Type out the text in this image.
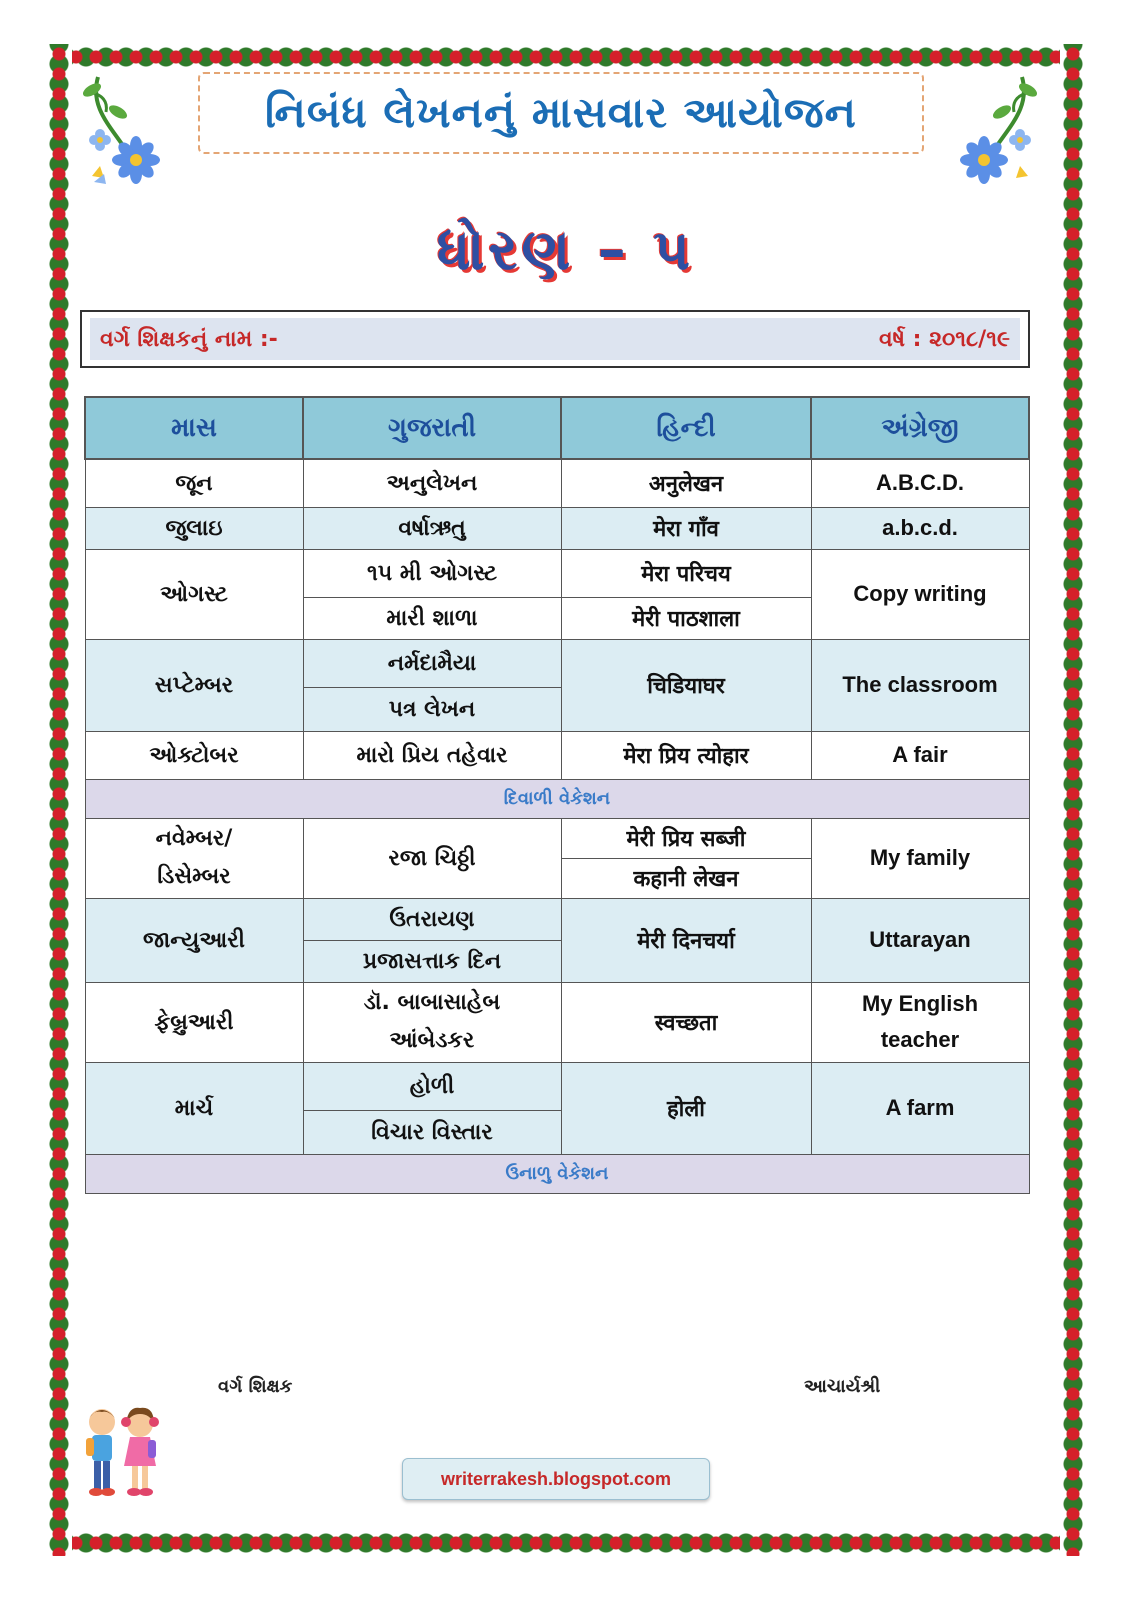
નિબંધ લેખનનું માસવાર આયોજન
ધોરણ – ૫
વર્ગ શિક્ષકનું નામ :-	વર્ષ : ૨૦૧૮/૧૯
માસ	ગુજરાતી	હિન્દી	અંગ્રેજી
જૂન	અનુલેખન	अनुलेखन	A.B.C.D.
જુલાઇ	વર્ષાઋતુ	मेरा गाँव	a.b.c.d.
ઓગસ્ટ	૧૫ મી ઓગસ્ટ	मेरा परिचय	Copy writing
	મારી શાળા	मेरी पाठशाला	
સપ્ટેમ્બર	નર્મદામૈયા	चिडियाघर	The classroom
	પત્ર લેખન		
ઓક્ટોબર	મારો પ્રિય તહેવાર	मेरा प्रिय त्योहार	A fair
દિવાળી વેકેશન			
નવેમ્બર/ ડિસેમ્બર	રજા ચિઠ્ઠી	मेरी प्रिय सब्जी	My family
		कहानी लेखन	
જાન્યુઆરી	ઉતરાયણ	मेरी दिनचर्या	Uttarayan
	પ્રજાસત્તાક દિન		
ફેબ્રુઆરી	ડૉ. બાબાસાહેબ આંબેડકર	स्वच्छता	My English teacher
માર્ચ	હોળી	होली	A farm
	વિચાર વિસ્તાર		
ઉનાળુ વેકેશન			
વર્ગ શિક્ષક	આચાર્યશ્રી
writerrakesh.blogspot.com
